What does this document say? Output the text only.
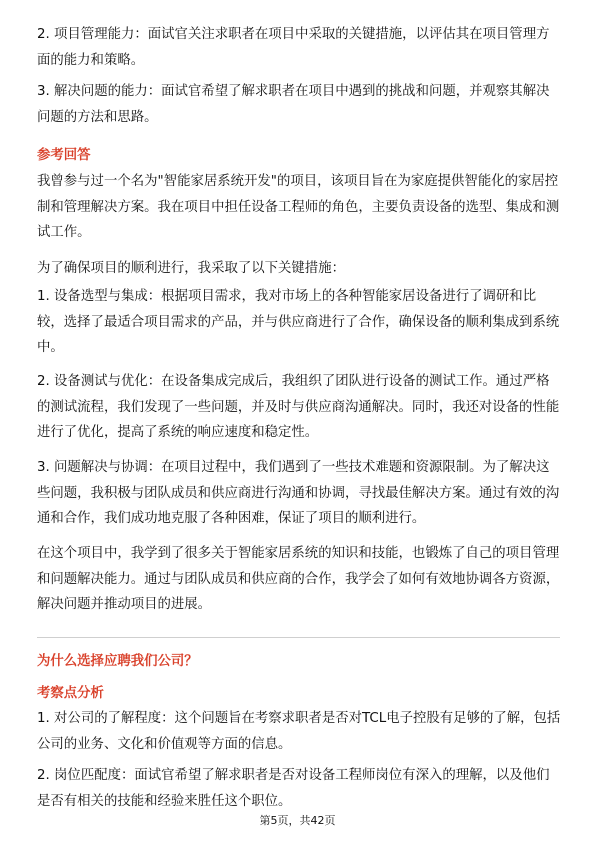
2. 项目管理能力：面试官关注求职者在项目中采取的关键措施，以评估其在项目管理方面的能力和策略。

3. 解决问题的能力：面试官希望了解求职者在项目中遇到的挑战和问题，并观察其解决问题的方法和思路。

参考回答

我曾参与过一个名为"智能家居系统开发"的项目，该项目旨在为家庭提供智能化的家居控制和管理解决方案。我在项目中担任设备工程师的角色，主要负责设备的选型、集成和测试工作。

为了确保项目的顺利进行，我采取了以下关键措施：

1. 设备选型与集成：根据项目需求，我对市场上的各种智能家居设备进行了调研和比较，选择了最适合项目需求的产品，并与供应商进行了合作，确保设备的顺利集成到系统中。

2. 设备测试与优化：在设备集成完成后，我组织了团队进行设备的测试工作。通过严格的测试流程，我们发现了一些问题，并及时与供应商沟通解决。同时，我还对设备的性能进行了优化，提高了系统的响应速度和稳定性。

3. 问题解决与协调：在项目过程中，我们遇到了一些技术难题和资源限制。为了解决这些问题，我积极与团队成员和供应商进行沟通和协调，寻找最佳解决方案。通过有效的沟通和合作，我们成功地克服了各种困难，保证了项目的顺利进行。

在这个项目中，我学到了很多关于智能家居系统的知识和技能，也锻炼了自己的项目管理和问题解决能力。通过与团队成员和供应商的合作，我学会了如何有效地协调各方资源，解决问题并推动项目的进展。

为什么选择应聘我们公司？
考察点分析

1. 对公司的了解程度：这个问题旨在考察求职者是否对TCL电子控股有足够的了解，包括公司的业务、文化和价值观等方面的信息。

2. 岗位匹配度：面试官希望了解求职者是否对设备工程师岗位有深入的理解，以及他们是否有相关的技能和经验来胜任这个职位。

第5页，共42页
